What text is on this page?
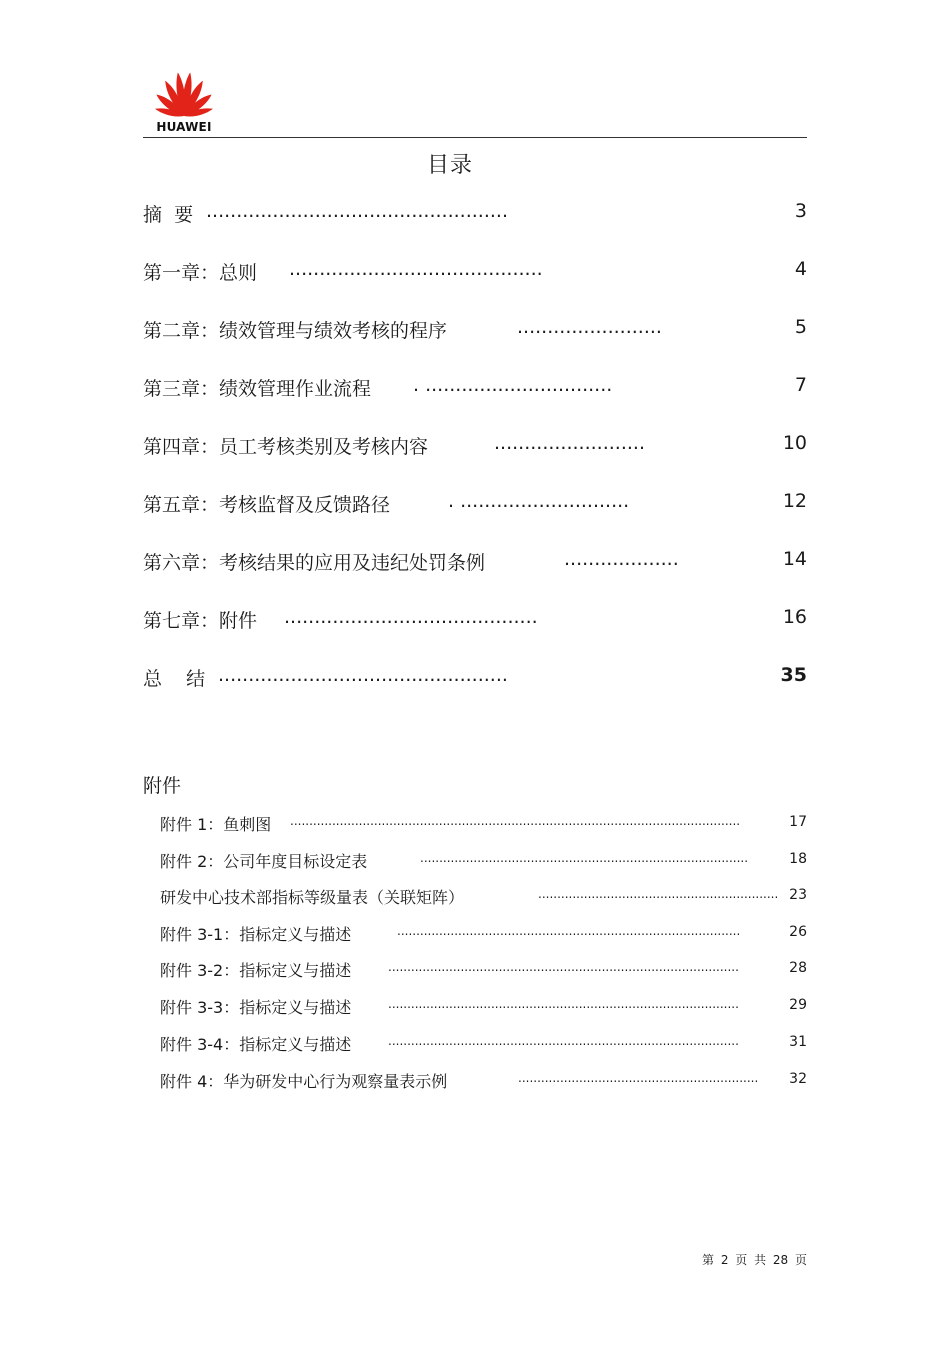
HUAWEI
目录
摘  要 ..................................................	3
第一章：总则 ..........................................	4
第二章：绩效管理与绩效考核的程序	........................	5
第三章：绩效管理作业流程 . ...............................	7
第四章：员工考核类别及考核内容	.........................	10
第五章：考核监督及反馈路径	. ............................	12
第六章：考核结果的应用及违纪处罚条例	...................	14
第七章：附件 ..........................................	16
总    结 ................................................	35
附件
附件 1：鱼刺图 ......................................................................................................................	17
附件 2：公司年度目标设定表	......................................................................................	18
研发中心技术部指标等级量表（关联矩阵）	............................................................... 23
附件 3-1：指标定义与描述	..........................................................................................	26
附件 3-2：指标定义与描述	............................................................................................	28
附件 3-3：指标定义与描述	............................................................................................	29
附件 3-4：指标定义与描述	............................................................................................	31
附件 4：华为研发中心行为观察量表示例	...............................................................	32
第 2 页 共 28 页
